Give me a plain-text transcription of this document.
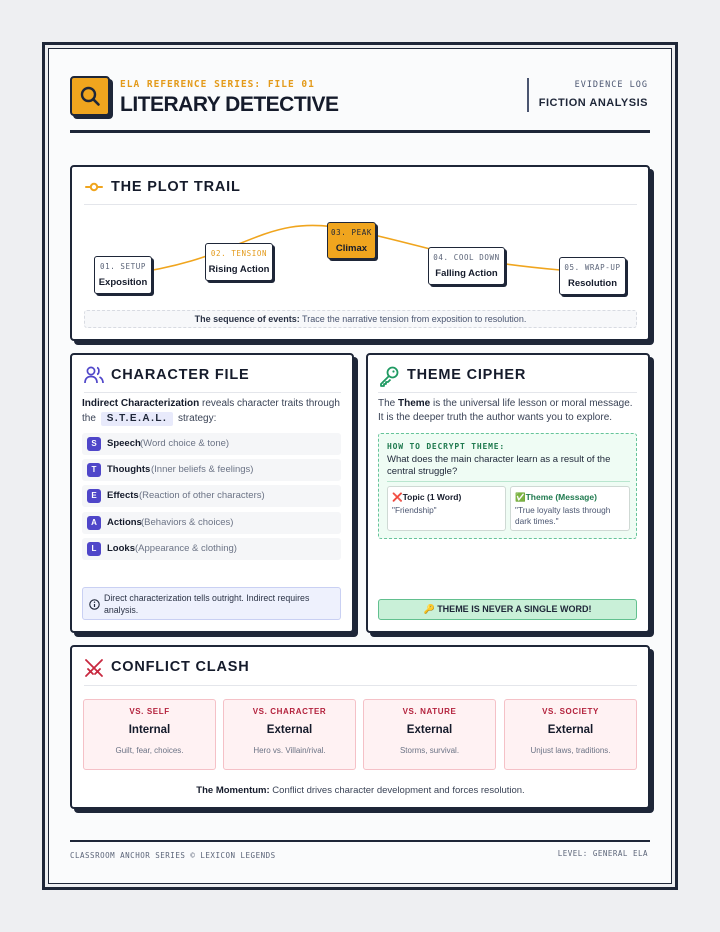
ELA REFERENCE SERIES: FILE 01
LITERARY DETECTIVE
EVIDENCE LOG
FICTION ANALYSIS
THE PLOT TRAIL
01. SETUP
Exposition
02. TENSION
Rising Action
03. PEAK
Climax
04. COOL DOWN
Falling Action
05. WRAP-UP
Resolution
The sequence of events: Trace the narrative tension from exposition to resolution.
CHARACTER FILE
Indirect Characterization reveals character traits through the S.T.E.A.L. strategy:
S	Speech (Word choice & tone)
T	Thoughts (Inner beliefs & feelings)
E	Effects (Reaction of other characters)
A	Actions (Behaviors & choices)
L	Looks (Appearance & clothing)
Direct characterization tells outright. Indirect requires analysis.
THEME CIPHER
The Theme is the universal life lesson or moral message. It is the deeper truth the author wants you to explore.
HOW TO DECRYPT THEME:
What does the main character learn as a result of the central struggle?
❌Topic (1 Word)
"Friendship"
✅Theme (Message)
"True loyalty lasts through dark times."
🔑 THEME IS NEVER A SINGLE WORD!
CONFLICT CLASH
VS. SELF
Internal
Guilt, fear, choices.
VS. CHARACTER
External
Hero vs. Villain/rival.
VS. NATURE
External
Storms, survival.
VS. SOCIETY
External
Unjust laws, traditions.
The Momentum: Conflict drives character development and forces resolution.
CLASSROOM ANCHOR SERIES © LEXICON LEGENDS	LEVEL: GENERAL ELA
